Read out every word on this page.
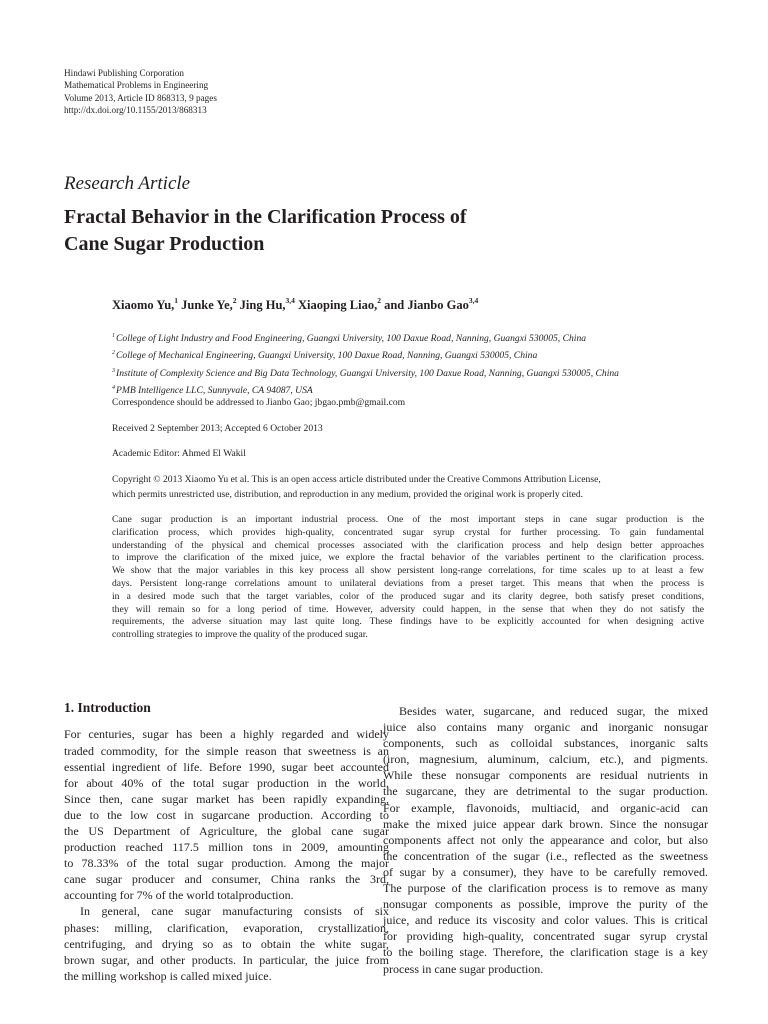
Hindawi Publishing Corporation
Mathematical Problems in Engineering
Volume 2013, Article ID 868313, 9 pages
http://dx.doi.org/10.1155/2013/868313
Research Article
Fractal Behavior in the Clarification Process of
Cane Sugar Production
Xiaomo Yu,$^1$ Junke Ye,$^2$ Jing Hu,$^{3,4}$ Xiaoping Liao,$^2$ and Jianbo Gao$^{3,4}$
$^1$College of Light Industry and Food Engineering, Guangxi University, 100 Daxue Road, Nanning, Guangxi 530005, China
$^2$College of Mechanical Engineering, Guangxi University, 100 Daxue Road, Nanning, Guangxi 530005, China
$^3$Institute of Complexity Science and Big Data Technology, Guangxi University, 100 Daxue Road, Nanning, Guangxi 530005, China
$^4$PMB Intelligence LLC, Sunnyvale, CA 94087, USA
Correspondence should be addressed to Jianbo Gao; jbgao.pmb@gmail.com
Received 2 September 2013; Accepted 6 October 2013
Academic Editor: Ahmed El Wakil
Copyright © 2013 Xiaomo Yu et al. This is an open access article distributed under the Creative Commons Attribution License,
which permits unrestricted use, distribution, and reproduction in any medium, provided the original work is properly cited.
Cane sugar production is an important industrial process. One of the most important steps in cane sugar production is the
clarification process, which provides high-quality, concentrated sugar syrup crystal for further processing. To gain fundamental
understanding of the physical and chemical processes associated with the clarification process and help design better approaches
to improve the clarification of the mixed juice, we explore the fractal behavior of the variables pertinent to the clarification process.
We show that the major variables in this key process all show persistent long-range correlations, for time scales up to at least a few
days. Persistent long-range correlations amount to unilateral deviations from a preset target. This means that when the process is
in a desired mode such that the target variables, color of the produced sugar and its clarity degree, both satisfy preset conditions,
they will remain so for a long period of time. However, adversity could happen, in the sense that when they do not satisfy the
requirements, the adverse situation may last quite long. These findings have to be explicitly accounted for when designing active
controlling strategies to improve the quality of the produced sugar.
1. Introduction
For centuries, sugar has been a highly regarded and widely
traded commodity, for the simple reason that sweetness is an
essential ingredient of life. Before 1990, sugar beet accounted
for about 40% of the total sugar production in the world.
Since then, cane sugar market has been rapidly expanding,
due to the low cost in sugarcane production. According to
the US Department of Agriculture, the global cane sugar
production reached 117.5 million tons in 2009, amounting
to 78.33% of the total sugar production. Among the major
cane sugar producer and consumer, China ranks the 3rd,
accounting for 7% of the world totalproduction.
In general, cane sugar manufacturing consists of six
phases: milling, clarification, evaporation, crystallization,
centrifuging, and drying so as to obtain the white sugar,
brown sugar, and other products. In particular, the juice from
the milling workshop is called mixed juice.
Besides water, sugarcane, and reduced sugar, the mixed
juice also contains many organic and inorganic nonsugar
components, such as colloidal substances, inorganic salts
(iron, magnesium, aluminum, calcium, etc.), and pigments.
While these nonsugar components are residual nutrients in
the sugarcane, they are detrimental to the sugar production.
For example, flavonoids, multiacid, and organic-acid can
make the mixed juice appear dark brown. Since the nonsugar
components affect not only the appearance and color, but also
the concentration of the sugar (i.e., reflected as the sweetness
of sugar by a consumer), they have to be carefully removed.
The purpose of the clarification process is to remove as many
nonsugar components as possible, improve the purity of the
juice, and reduce its viscosity and color values. This is critical
for providing high-quality, concentrated sugar syrup crystal
to the boiling stage. Therefore, the clarification stage is a key
process in cane sugar production.
